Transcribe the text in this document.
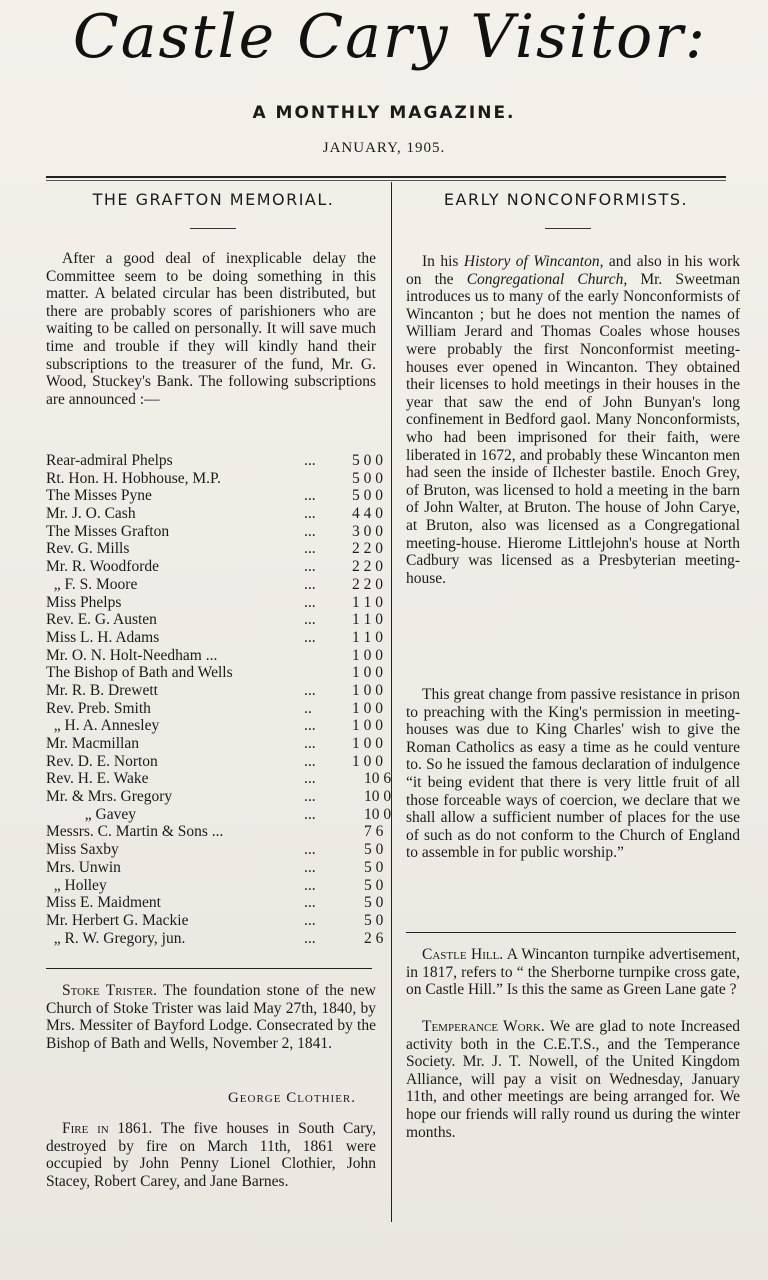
Castle Cary Visitor:
A MONTHLY MAGAZINE.
JANUARY, 1905.
THE GRAFTON MEMORIAL.
After a good deal of inexplicable delay the Committee seem to be doing something in this matter. A belated circular has been distributed, but there are probably scores of parishioners who are waiting to be called on personally. It will save much time and trouble if they will kindly hand their subscriptions to the treasurer of the fund, Mr. G. Wood, Stuckey's Bank. The following subscriptions are announced :—
Rear-admiral Phelps	... 5 0 0
Rt. Hon. H. Hobhouse, M.P.	5 0 0
The Misses Pyne	... 5 0 0
Mr. J. O. Cash	... 4 4 0
The Misses Grafton	... 3 0 0
Rev. G. Mills	... 2 2 0
Mr. R. Woodforde	... 2 2 0
„ F. S. Moore	... 2 2 0
Miss Phelps	... 1 1 0
Rev. E. G. Austen	... 1 1 0
Miss L. H. Adams	... 1 1 0
Mr. O. N. Holt-Needham ...	1 0 0
The Bishop of Bath and Wells	1 0 0
Mr. R. B. Drewett	... 1 0 0
Rev. Preb. Smith	..	1 0 0
„ H. A. Annesley	... 1 0 0
Mr. Macmillan	... 1 0 0
Rev. D. E. Norton	... 1 0 0
Rev. H. E. Wake	...	10 6
Mr. & Mrs. Gregory	...	10 0
„ Gavey	...	10 0
Messrs. C. Martin & Sons ...	7 6
Miss Saxby	...	5 0
Mrs. Unwin	...	5 0
„ Holley	...	5 0
Miss E. Maidment	...	5 0
Mr. Herbert G. Mackie	...	5 0
„ R. W. Gregory, jun.	...	2 6
Stoke Trister. The foundation stone of the new Church of Stoke Trister was laid May 27th, 1840, by Mrs. Messiter of Bayford Lodge. Consecrated by the Bishop of Bath and Wells, November 2, 1841.
George Clothier.
Fire in 1861. The five houses in South Cary, destroyed by fire on March 11th, 1861 were occupied by John Penny Lionel Clothier, John Stacey, Robert Carey, and Jane Barnes.
EARLY NONCONFORMISTS.
In his History of Wincanton, and also in his work on the Congregational Church, Mr. Sweetman introduces us to many of the early Nonconformists of Wincanton ; but he does not mention the names of William Jerard and Thomas Coales whose houses were probably the first Nonconformist meeting-houses ever opened in Wincanton. They obtained their licenses to hold meetings in their houses in the year that saw the end of John Bunyan's long confinement in Bedford gaol. Many Nonconformists, who had been imprisoned for their faith, were liberated in 1672, and probably these Wincanton men had seen the inside of Ilchester bastile. Enoch Grey, of Bruton, was licensed to hold a meeting in the barn of John Walter, at Bruton. The house of John Carye, at Bruton, also was licensed as a Congregational meeting-house. Hierome Littlejohn's house at North Cadbury was licensed as a Presbyterian meeting-house.
This great change from passive resistance in prison to preaching with the King's permission in meeting-houses was due to King Charles' wish to give the Roman Catholics as easy a time as he could venture to. So he issued the famous declaration of indulgence “it being evident that there is very little fruit of all those forceable ways of coercion, we declare that we shall allow a sufficient number of places for the use of such as do not conform to the Church of England to assemble in for public worship.”
Castle Hill. A Wincanton turnpike advertisement, in 1817, refers to “ the Sherborne turnpike cross gate, on Castle Hill.” Is this the same as Green Lane gate ?
Temperance Work. We are glad to note Increased activity both in the C.E.T.S., and the Temperance Society. Mr. J. T. Nowell, of the United Kingdom Alliance, will pay a visit on Wednesday, January 11th, and other meetings are being arranged for. We hope our friends will rally round us during the winter months.
